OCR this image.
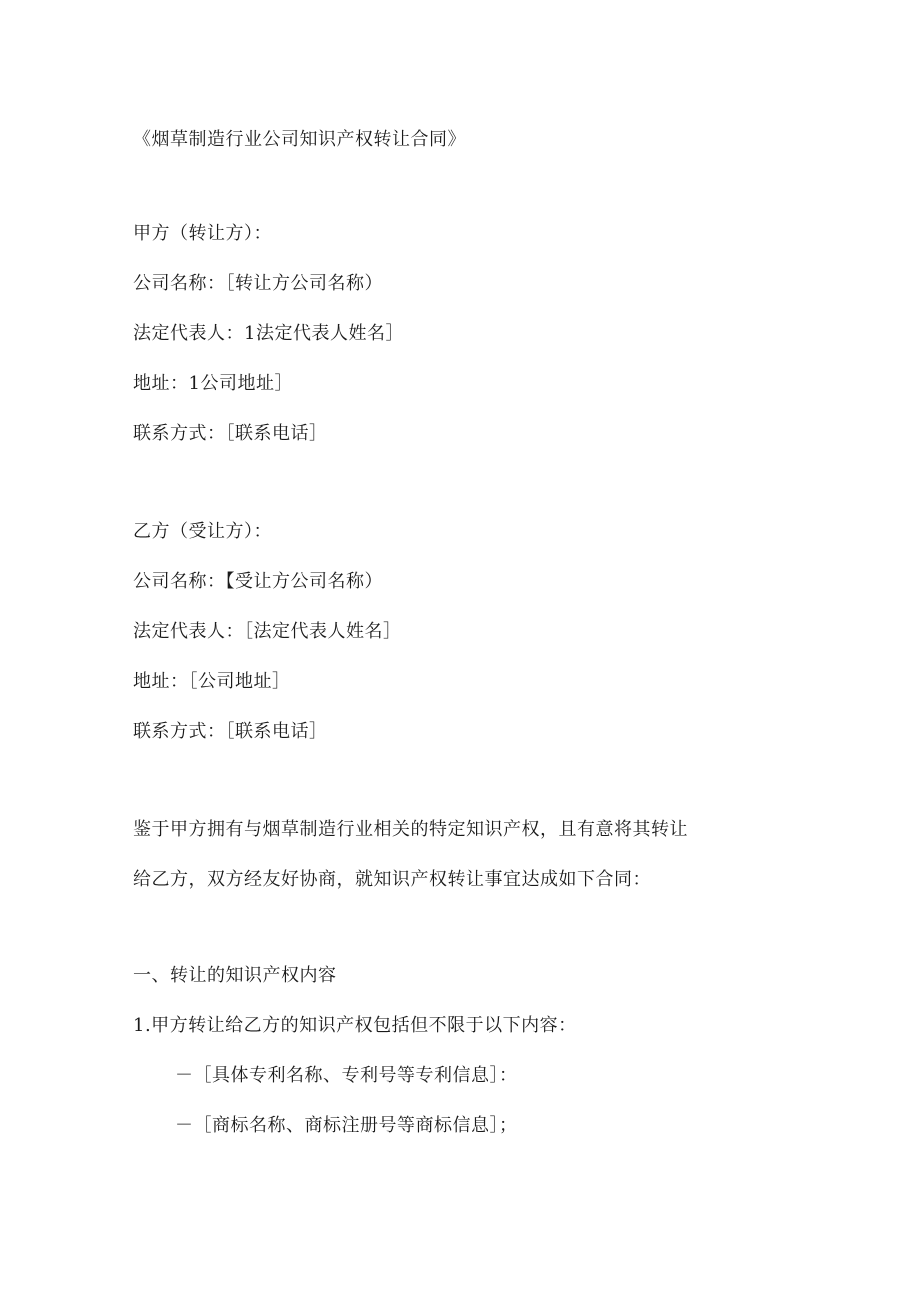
《烟草制造行业公司知识产权转让合同》
甲方（转让方）：
公司名称：［转让方公司名称）
法定代表人：1法定代表人姓名］
地址：1公司地址］
联系方式：［联系电话］
乙方（受让方）：
公司名称：【受让方公司名称）
法定代表人：［法定代表人姓名］
地址：［公司地址］
联系方式：［联系电话］
鉴于甲方拥有与烟草制造行业相关的特定知识产权，且有意将其转让
给乙方，双方经友好协商，就知识产权转让事宜达成如下合同：
一、转让的知识产权内容
1.甲方转让给乙方的知识产权包括但不限于以下内容：
－［具体专利名称、专利号等专利信息］：
－［商标名称、商标注册号等商标信息］；
